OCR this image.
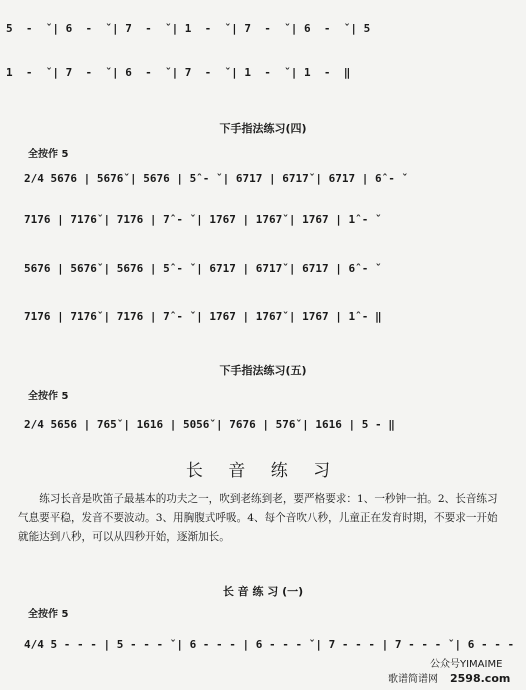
5  -  ̌ | 6  -  ̌ | 7  -  ̌ | 1  -  ̌ | 7  -  ̌ | 6  -  ̌ | 5
1  -  ̌ | 7  -  ̌ | 6  -  ̌ | 7  -  ̌ | 1  -  ̌ | 1  -  ‖
下手指法练习(四)
全按作 5
2/4 5676 | 5676̌ | 5676 | 5̂ - ̌ | 6717 | 6717̌ | 6717 | 6̂ - ̌
7176 | 7176̌ | 7176 | 7̂ - ̌ | 1767 | 1767̌ | 1767 | 1̂ - ̌
5676 | 5676̌ | 5676 | 5̂ - ̌ | 6717 | 6717̌ | 6717 | 6̂ - ̌
7176 | 7176̌ | 7176 | 7̂ - ̌ | 1767 | 1767̌ | 1767 | 1̂ - ‖
下手指法练习(五)
全按作 5
2/4 5656 | 765̌ | 1616 | 5056̌ | 7676 | 576̌ | 1616 | 5 - ‖
长 音 练 习

练习长音是吹笛子最基本的功夫之一，吹到老练到老，要严格要求：1、一秒钟一拍。2、长音练习气息要平稳，发音不要波动。3、用胸腹式呼吸。4、每个音吹八秒，儿童正在发育时期，不要求一开始就能达到八秒，可以从四秒开始，逐渐加长。

长 音 练 习 (一)
全按作 5
4/4 5 - - - | 5 - - - ̌ | 6 - - - | 6 - - - ̌ | 7 - - - | 7 - - - ̌ | 6 - - -
公众号YIMAIME
歌谱简谱网 2598.com
